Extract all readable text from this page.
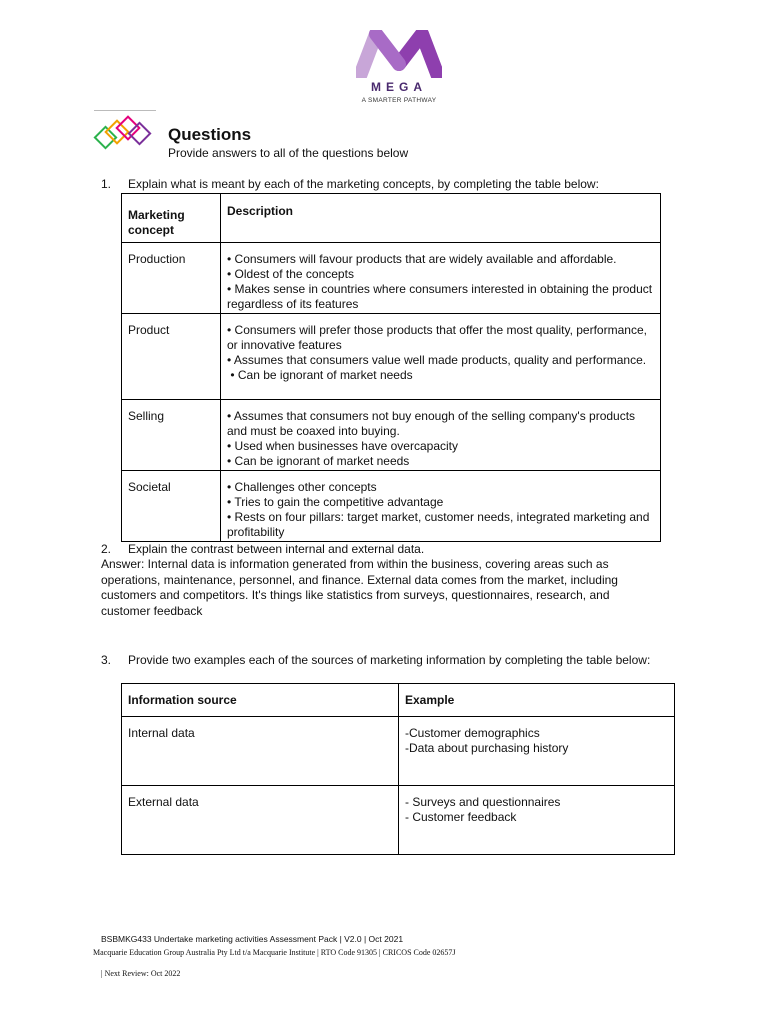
MEGA
A SMARTER PATHWAY
Questions
Provide answers to all of the questions below
1. Explain what is meant by each of the marketing concepts, by completing the table below:
Marketing concept	Description
Production	• Consumers will favour products that are widely available and affordable.
• Oldest of the concepts
• Makes sense in countries where consumers interested in obtaining the product regardless of its features

Product	• Consumers will prefer those products that offer the most quality, performance, or innovative features
• Assumes that consumers value well made products, quality and performance.
• Can be ignorant of market needs

Selling	• Assumes that consumers not buy enough of the selling company's products and must be coaxed into buying.
• Used when businesses have overcapacity
• Can be ignorant of market needs

Societal	• Challenges other concepts
• Tries to gain the competitive advantage
• Rests on four pillars: target market, customer needs, integrated marketing and profitability
2. Explain the contrast between internal and external data.
Answer: Internal data is information generated from within the business, covering areas such as operations, maintenance, personnel, and finance. External data comes from the market, including customers and competitors. It's things like statistics from surveys, questionnaires, research, and customer feedback
3. Provide two examples each of the sources of marketing information by completing the table below:
Information source	Example
Internal data	-Customer demographics
-Data about purchasing history

External data	- Surveys and questionnaires
- Customer feedback
BSBMKG433 Undertake marketing activities Assessment Pack | V2.0 | Oct 2021
Macquarie Education Group Australia Pty Ltd t/a Macquarie Institute | RTO Code 91305 | CRICOS Code 02657J
| Next Review: Oct 2022
